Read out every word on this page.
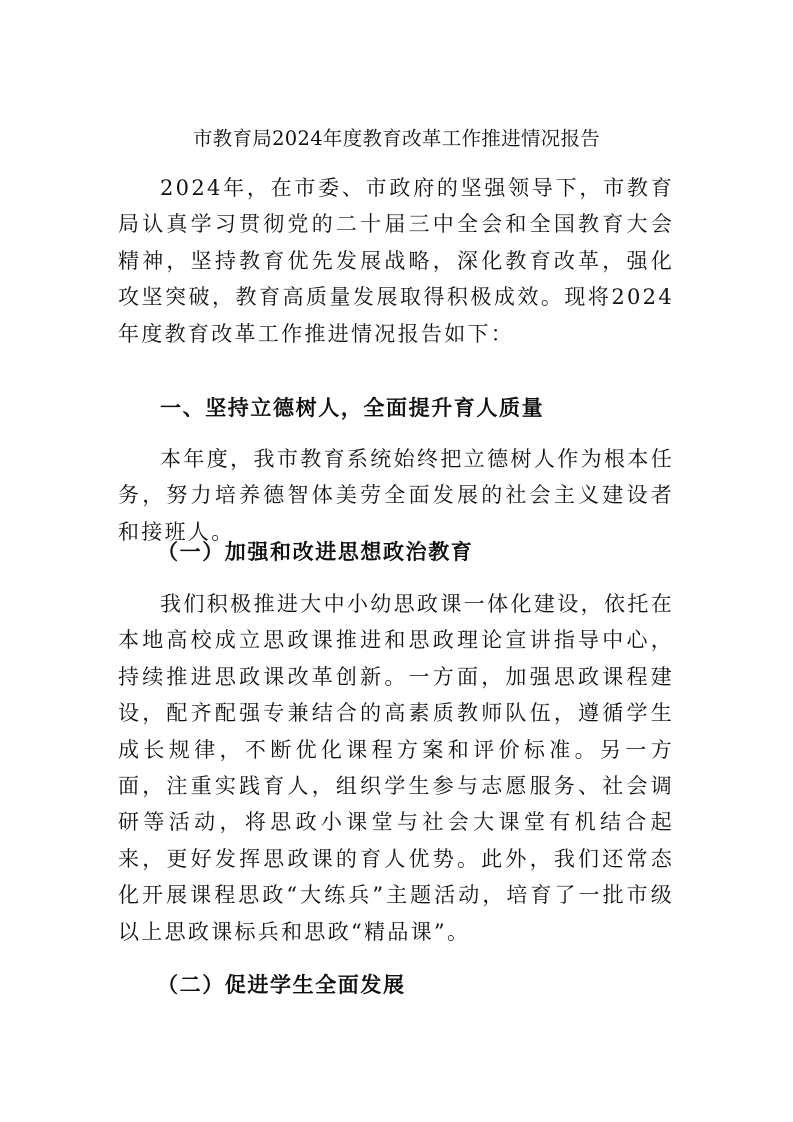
市教育局2024年度教育改革工作推进情况报告
2024年，在市委、市政府的坚强领导下，市教育局认真学习贯彻党的二十届三中全会和全国教育大会精神，坚持教育优先发展战略，深化教育改革，强化攻坚突破，教育高质量发展取得积极成效。现将2024年度教育改革工作推进情况报告如下：
一、坚持立德树人，全面提升育人质量
本年度，我市教育系统始终把立德树人作为根本任务，努力培养德智体美劳全面发展的社会主义建设者和接班人。
（一）加强和改进思想政治教育
我们积极推进大中小幼思政课一体化建设，依托在本地高校成立思政课推进和思政理论宣讲指导中心，持续推进思政课改革创新。一方面，加强思政课程建设，配齐配强专兼结合的高素质教师队伍，遵循学生成长规律，不断优化课程方案和评价标准。另一方面，注重实践育人，组织学生参与志愿服务、社会调研等活动，将思政小课堂与社会大课堂有机结合起来，更好发挥思政课的育人优势。此外，我们还常态化开展课程思政“大练兵”主题活动，培育了一批市级以上思政课标兵和思政“精品课”。
（二）促进学生全面发展
